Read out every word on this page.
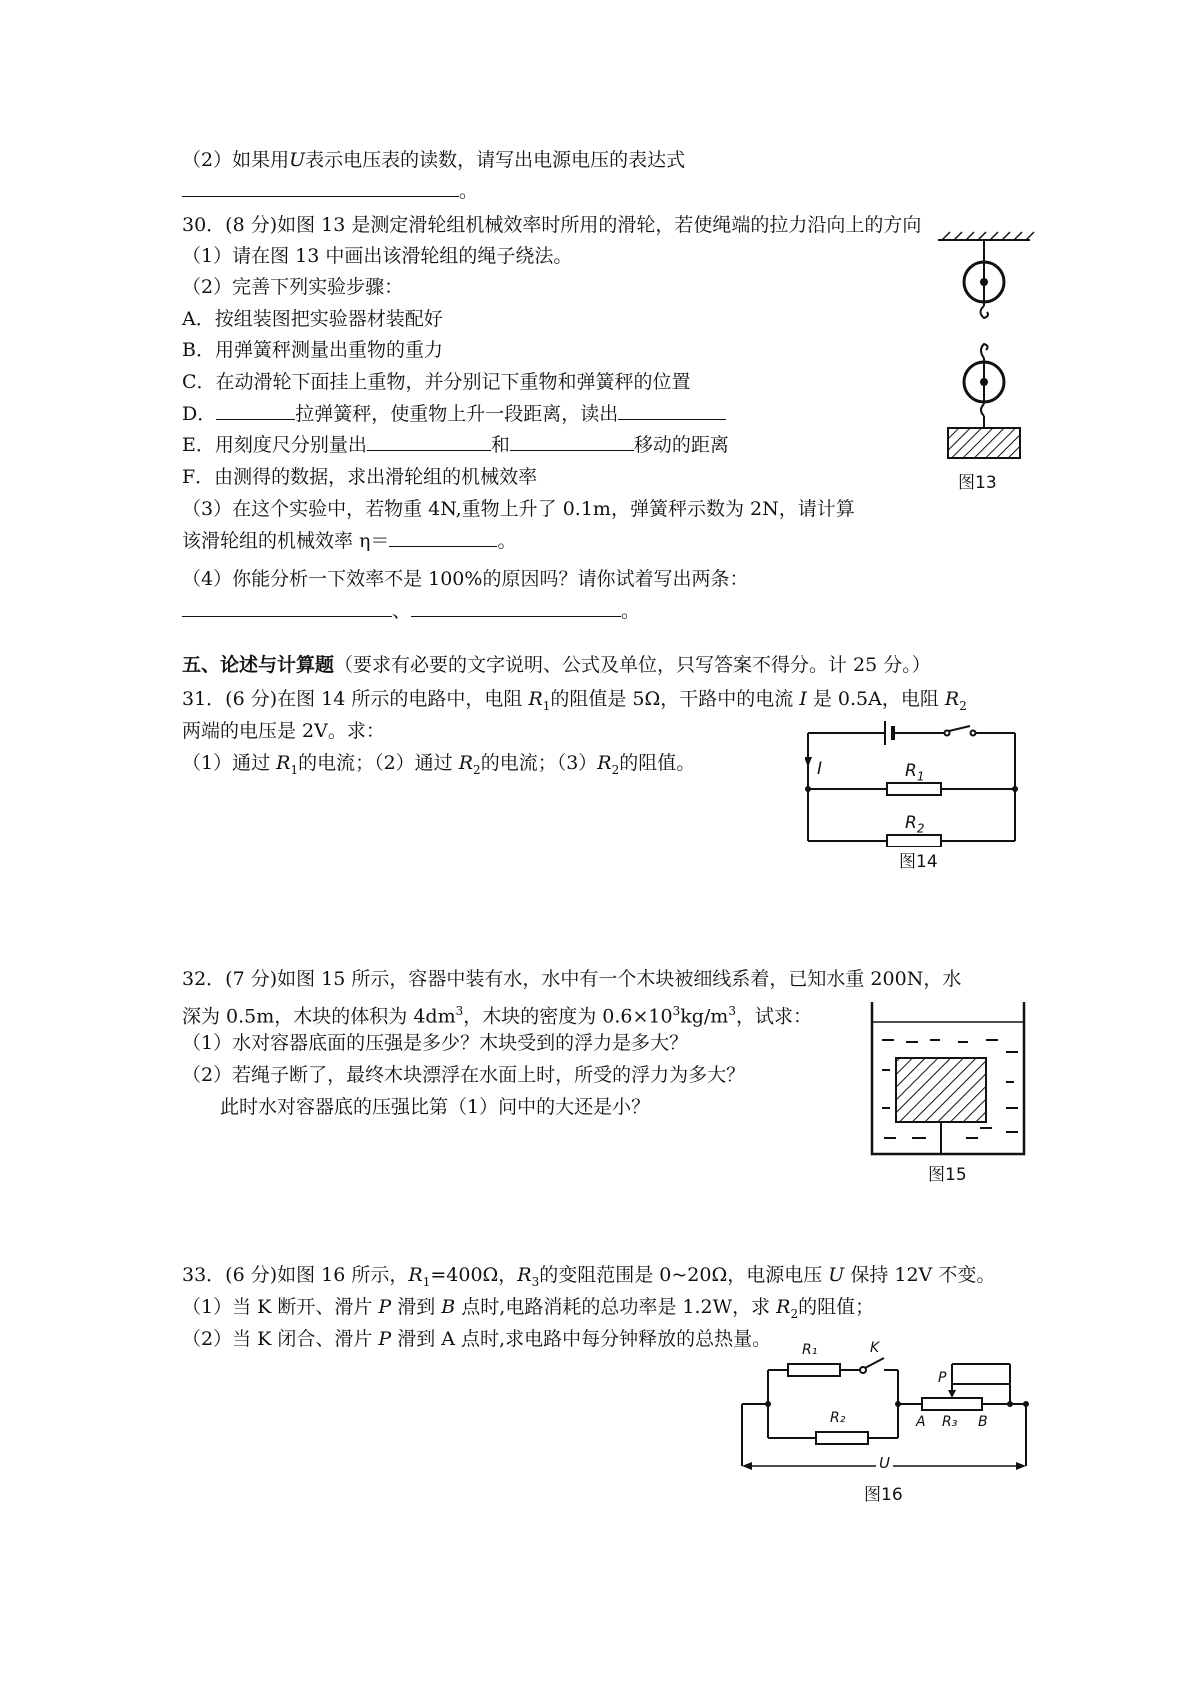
（2）如果用U表示电压表的读数，请写出电源电压的表达式
。
30．(8 分)如图 13 是测定滑轮组机械效率时所用的滑轮，若使绳端的拉力沿向上的方向
（1）请在图 13 中画出该滑轮组的绳子绕法。
（2）完善下列实验步骤：
A．按组装图把实验器材装配好
B．用弹簧秤测量出重物的重力
C．在动滑轮下面挂上重物，并分别记下重物和弹簧秤的位置
D．	拉弹簧秤，使重物上升一段距离，读出
E．用刻度尺分别量出	和	移动的距离
F．由测得的数据，求出滑轮组的机械效率
（3）在这个实验中，若物重 4N,重物上升了 0.1m，弹簧秤示数为 2N，请计算
该滑轮组的机械效率 η＝	。
（4）你能分析一下效率不是 100%的原因吗？请你试着写出两条：
、	。
图13
五、论述与计算题（要求有必要的文字说明、公式及单位，只写答案不得分。计 25 分。）
31．(6 分)在图 14 所示的电路中，电阻 $R_1$的阻值是 5Ω，干路中的电流 I 是 0.5A，电阻 $R_2$
两端的电压是 2V。求：
（1）通过 $R_1$的电流；（2）通过 $R_2$的电流；$(3)R_2$的阻值。	I	$R_1$
$R_2$
图14
32．(7 分)如图 15 所示，容器中装有水，水中有一个木块被细线系着，已知水重 200N，水
深为 0.5m，木块的体积为 $4dm^3$，木块的密度为 $0.6\times 10^3kg/m^3$，试求：
（1）水对容器底面的压强是多少？木块受到的浮力是多大？
（2）若绳子断了，最终木块漂浮在水面上时，所受的浮力为多大？
此时水对容器底的压强比第（1）问中的大还是小？
图15
33．(6 分)如图 16 所示，$R_1=400\Omega$，$R_3$的变阻范围是 0~20Ω，电源电压 U 保持 12V 不变。
（1）当 K 断开、滑片 P 滑到 B 点时,电路消耗的总功率是 1.2W，求 $R_2$的阻值；
（2）当 K 闭合、滑片 P 滑到 A 点时,求电路中每分钟释放的总热量。 R₁	K
P
R₂	A R₃ B
U
图16
